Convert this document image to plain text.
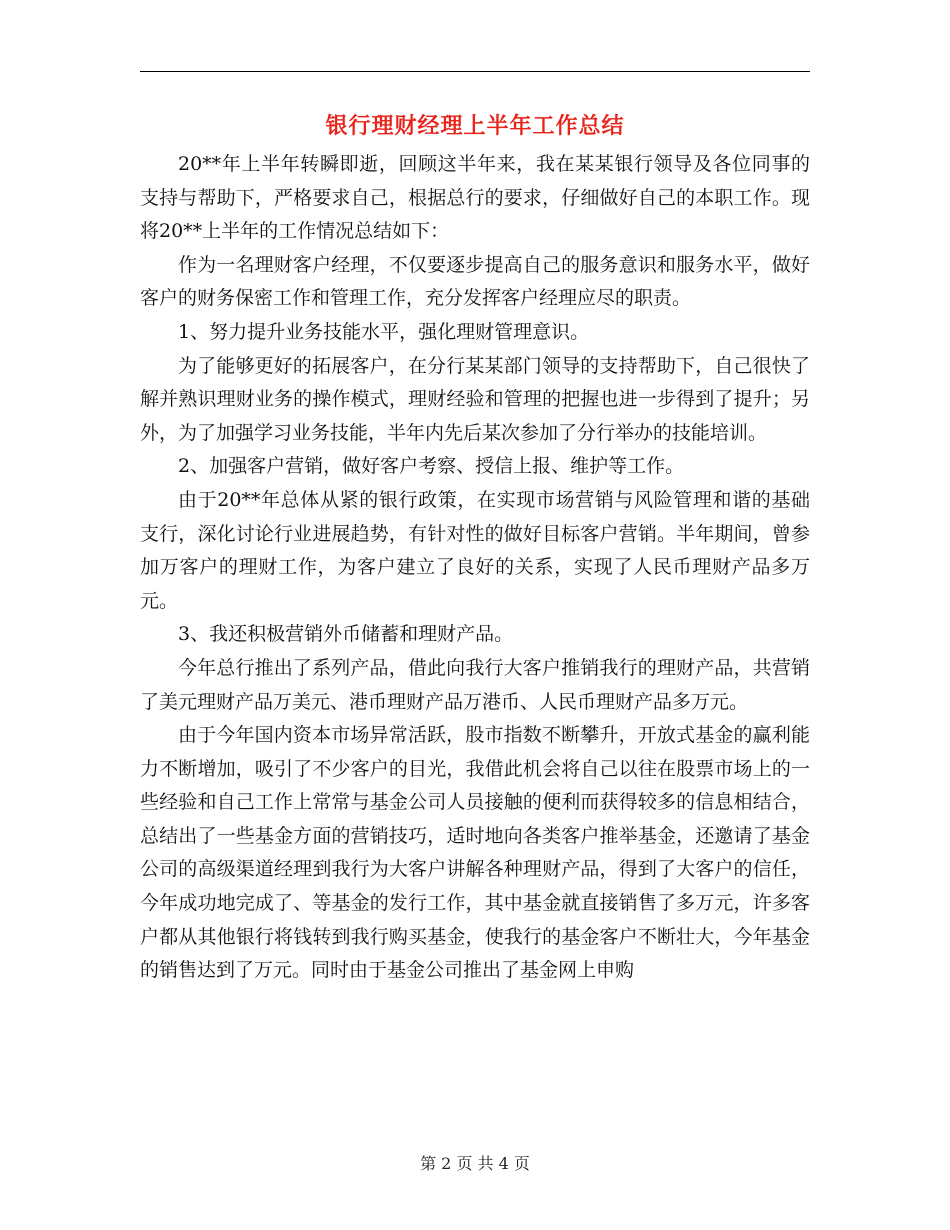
银行理财经理上半年工作总结

20**年上半年转瞬即逝，回顾这半年来，我在某某银行领导及各位同事的支持与帮助下，严格要求自己，根据总行的要求，仔细做好自己的本职工作。现将20**上半年的工作情况总结如下：

作为一名理财客户经理，不仅要逐步提高自己的服务意识和服务水平，做好客户的财务保密工作和管理工作，充分发挥客户经理应尽的职责。

1、努力提升业务技能水平，强化理财管理意识。

为了能够更好的拓展客户，在分行某某部门领导的支持帮助下，自己很快了解并熟识理财业务的操作模式，理财经验和管理的把握也进一步得到了提升；另外，为了加强学习业务技能，半年内先后某次参加了分行举办的技能培训。

2、加强客户营销，做好客户考察、授信上报、维护等工作。

由于20**年总体从紧的银行政策，在实现市场营销与风险管理和谐的基础支行，深化讨论行业进展趋势，有针对性的做好目标客户营销。半年期间，曾参加万客户的理财工作，为客户建立了良好的关系，实现了人民币理财产品多万元。

3、我还积极营销外币储蓄和理财产品。

今年总行推出了系列产品，借此向我行大客户推销我行的理财产品，共营销了美元理财产品万美元、港币理财产品万港币、人民币理财产品多万元。

由于今年国内资本市场异常活跃，股市指数不断攀升，开放式基金的赢利能力不断增加，吸引了不少客户的目光，我借此机会将自己以往在股票市场上的一些经验和自己工作上常常与基金公司人员接触的便利而获得较多的信息相结合，总结出了一些基金方面的营销技巧，适时地向各类客户推举基金，还邀请了基金公司的高级渠道经理到我行为大客户讲解各种理财产品，得到了大客户的信任，今年成功地完成了、等基金的发行工作，其中基金就直接销售了多万元，许多客户都从其他银行将钱转到我行购买基金，使我行的基金客户不断壮大，今年基金的销售达到了万元。同时由于基金公司推出了基金网上申购

第 2 页 共 4 页
